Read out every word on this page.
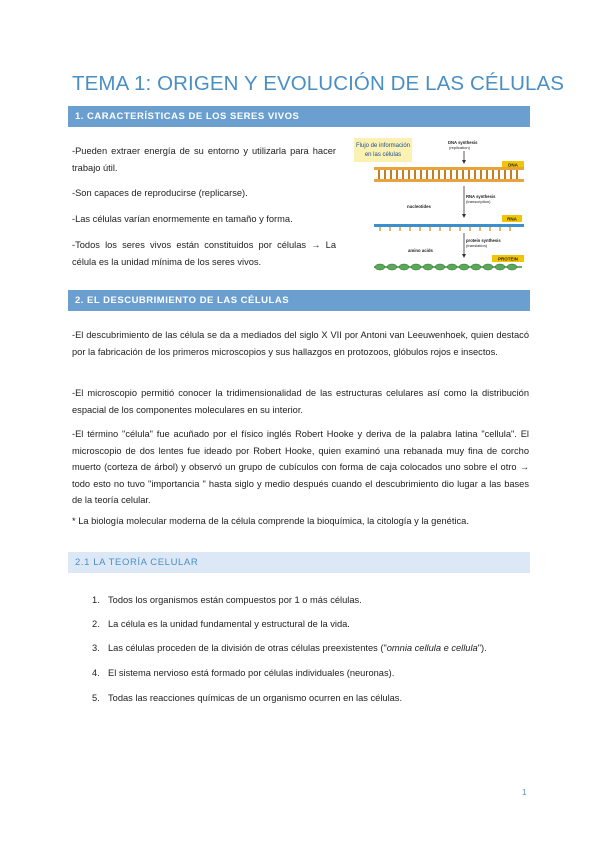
TEMA 1: ORIGEN Y EVOLUCIÓN DE LAS CÉLULAS
1. CARACTERÍSTICAS DE LOS SERES VIVOS

-Pueden extraer energía de su entorno y utilizarla para hacer trabajo útil.

-Son capaces de reproducirse (replicarse).

-Las células varían enormemente en tamaño y forma.

-Todos los seres vivos están constituidos por células → La célula es la unidad mínima de los seres vivos.

Flujo de información
en las células
DNA synthesis
(replication)
DNA
nucleotides
RNA synthesis
(transcription)
RNA
amino acids
protein synthesis
(translation)
PROTEIN
2. EL DESCUBRIMIENTO DE LAS CÉLULAS

-El descubrimiento de las célula se da a mediados del siglo X VII por Antoni van Leeuwenhoek, quien destacó por la fabricación de los primeros microscopios y sus hallazgos en protozoos, glóbulos rojos e insectos.

-El microscopio permitió conocer la tridimensionalidad de las estructuras celulares así como la distribución espacial de los componentes moleculares en su interior.

-El término "célula" fue acuñado por el físico inglés Robert Hooke y deriva de la palabra latina "cellula". El microscopio de dos lentes fue ideado por Robert Hooke, quien examinó una rebanada muy fina de corcho muerto (corteza de árbol) y observó un grupo de cubículos con forma de caja colocados uno sobre el otro → todo esto no tuvo "importancia " hasta siglo y medio después cuando el descubrimiento dio lugar a las bases de la teoría celular.

* La biología molecular moderna de la célula comprende la bioquímica, la citología y la genética.

2.1 LA TEORÍA CELULAR
1. Todos los organismos están compuestos por 1 o más células.
2. La célula es la unidad fundamental y estructural de la vida.
3. Las células proceden de la división de otras células preexistentes ("omnia cellula e cellula").
4. El sistema nervioso está formado por células individuales (neuronas).
5. Todas las reacciones químicas de un organismo ocurren en las células.
1
